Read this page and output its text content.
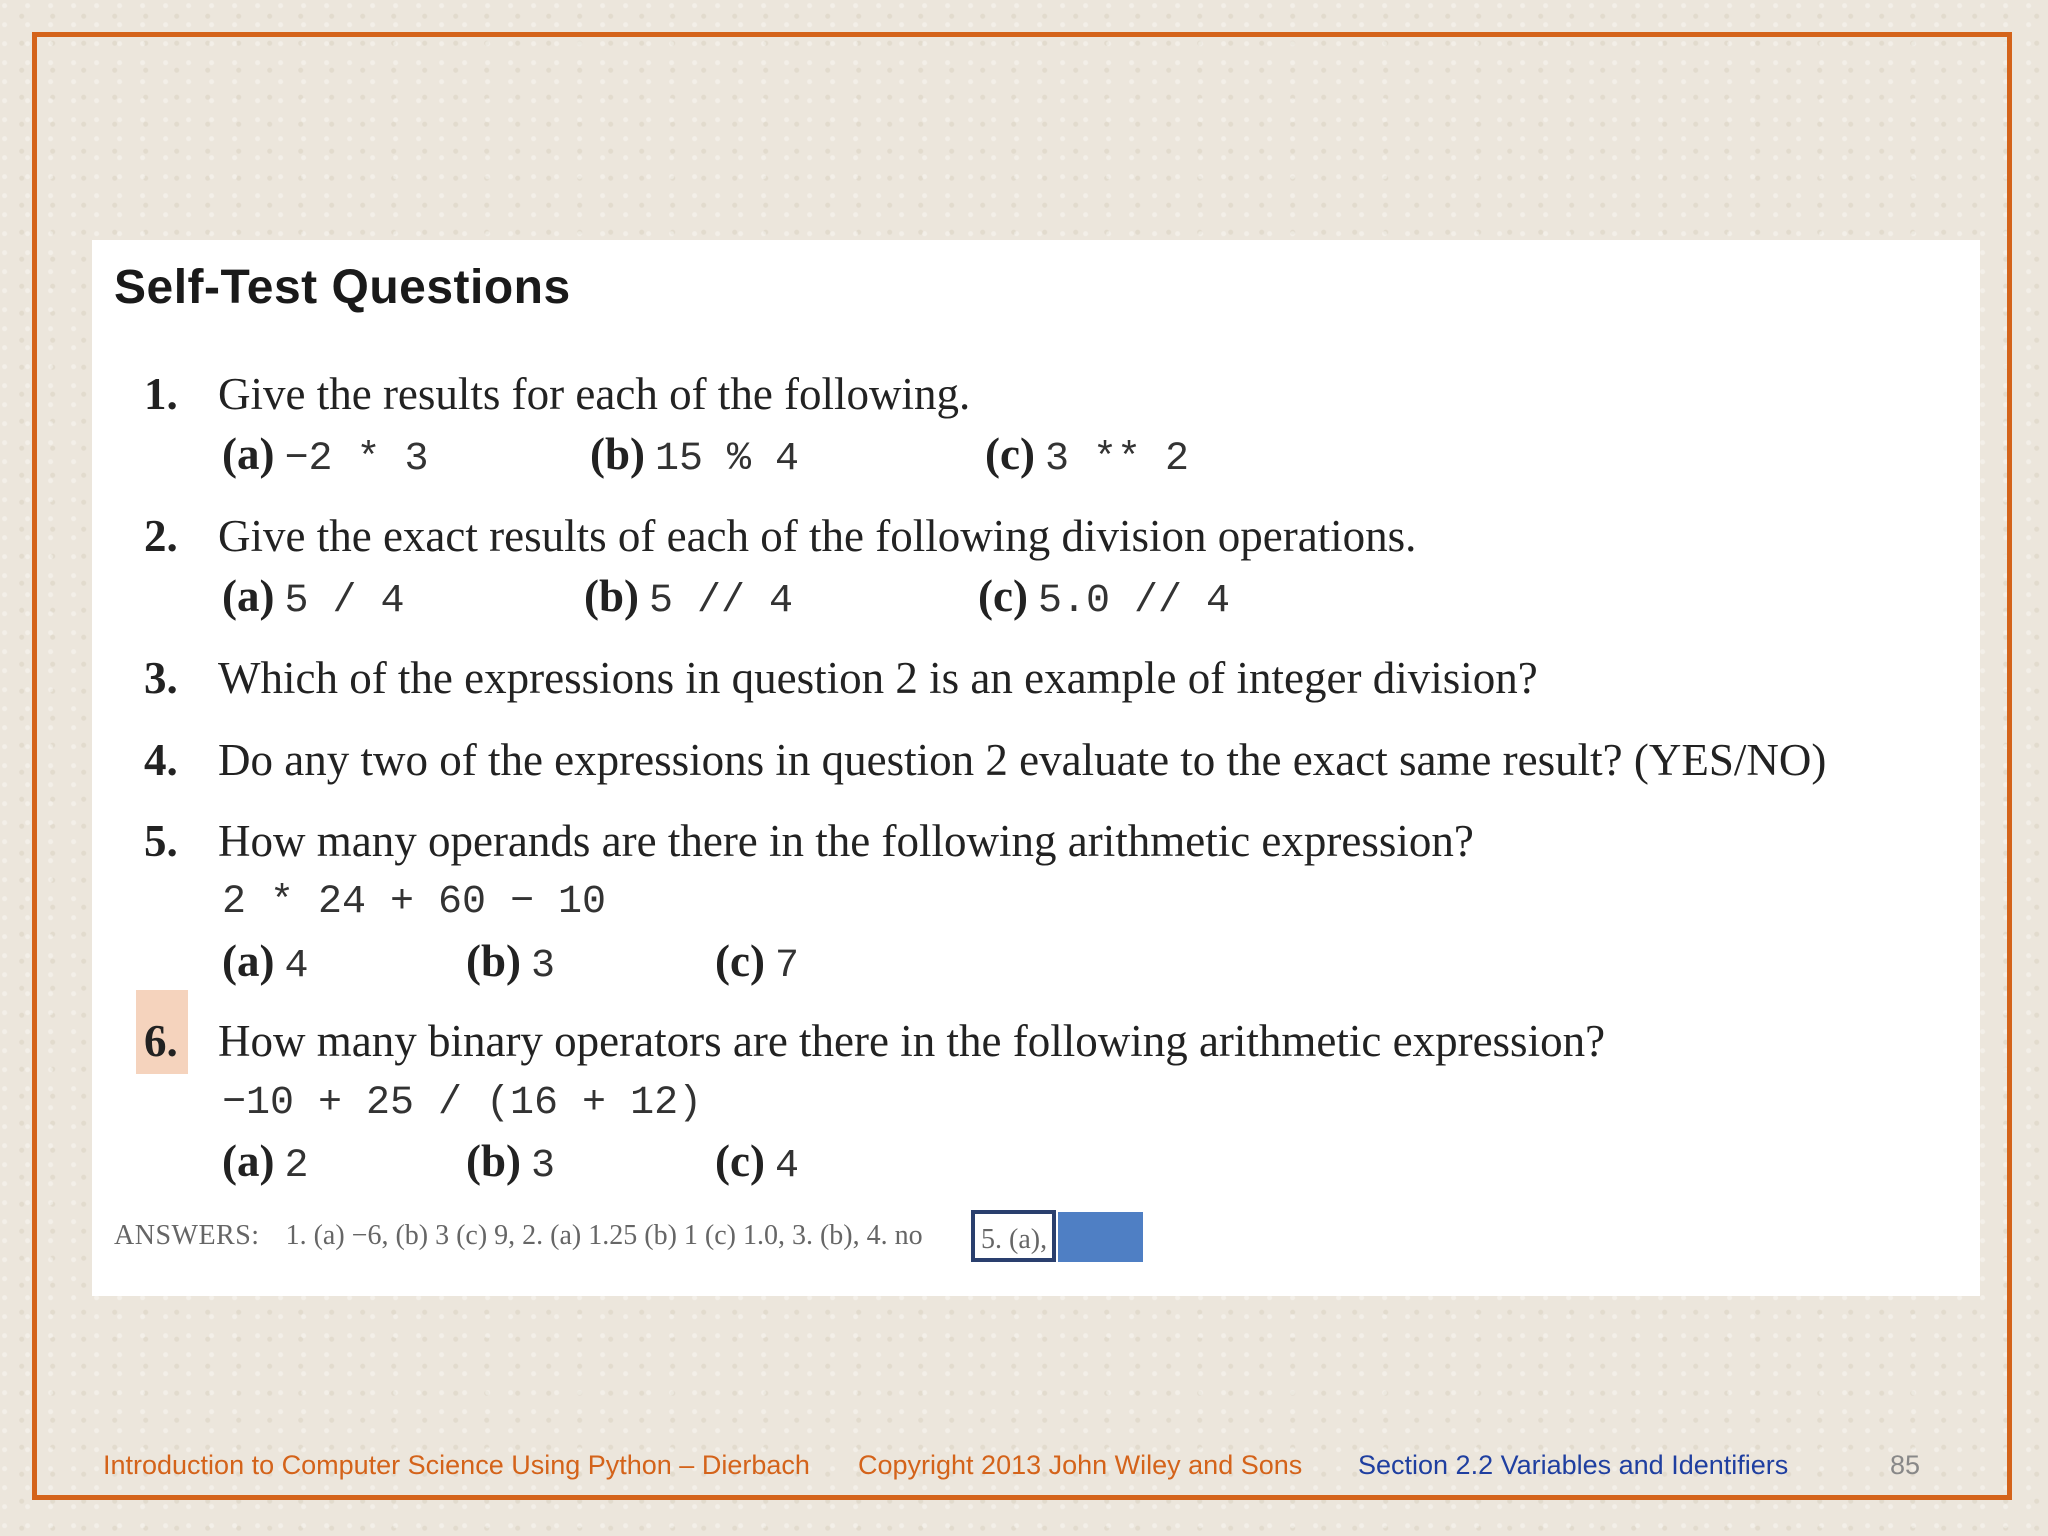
Self-Test Questions
1. Give the results for each of the following.
(a) −2 * 3	(b) 15 % 4	(c) 3 ** 2
2. Give the exact results of each of the following division operations.
(a) 5 / 4	(b) 5 // 4	(c) 5.0 // 4
3. Which of the expressions in question 2 is an example of integer division?
4. Do any two of the expressions in question 2 evaluate to the exact same result? (YES/NO)
5. How many operands are there in the following arithmetic expression?
2 * 24 + 60 − 10
(a) 4	(b) 3	(c) 7
6. How many binary operators are there in the following arithmetic expression?
−10 + 25 / (16 + 12)
(a) 2	(b) 3	(c) 4
ANSWERS: 1. (a) −6, (b) 3 (c) 9, 2. (a) 1.25 (b) 1 (c) 1.0, 3. (b), 4. no 5. (a),
Introduction to Computer Science Using Python – Dierbach Copyright 2013 John Wiley and Sons Section 2.2 Variables and Identifiers	85
